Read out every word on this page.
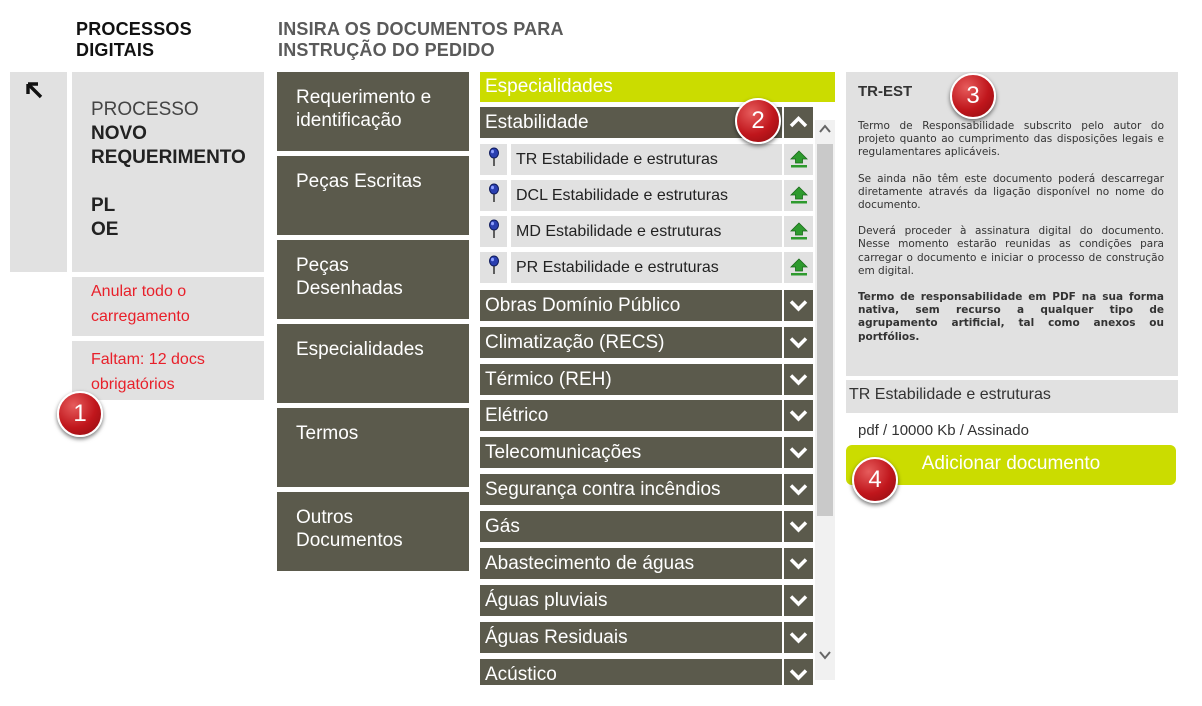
PROCESSOS
DIGITAIS
INSIRA OS DOCUMENTOS PARA
INSTRUÇÃO DO PEDIDO
PROCESSO
NOVO
REQUERIMENTO
PL
OE
Anular todo o
carregamento
Faltam: 12 docs
obrigatórios
Requerimento e
identificação
Peças Escritas
Peças
Desenhadas
Especialidades
Termos
Outros
Documentos
Especialidades
Estabilidade
TR Estabilidade e estruturas
DCL Estabilidade e estruturas
MD Estabilidade e estruturas
PR Estabilidade e estruturas
Obras Domínio Público
Climatização (RECS)
Térmico (REH)
Elétrico
Telecomunicações
Segurança contra incêndios
Gás
Abastecimento de águas
Águas pluviais
Águas Residuais
Acústico
TR-EST

Termo de Responsabilidade subscrito pelo autor do projeto quanto ao cumprimento das disposições legais e regulamentares aplicáveis.

Se ainda não têm este documento poderá descarregar diretamente através da ligação disponível no nome do documento.

Deverá proceder à assinatura digital do documento. Nesse momento estarão reunidas as condições para carregar o documento e iniciar o processo de construção em digital.

Termo de responsabilidade em PDF na sua forma nativa, sem recurso a qualquer tipo de agrupamento artificial, tal como anexos ou portfólios.

TR Estabilidade e estruturas
pdf / 10000 Kb / Assinado
Adicionar documento
1
2
3
4
